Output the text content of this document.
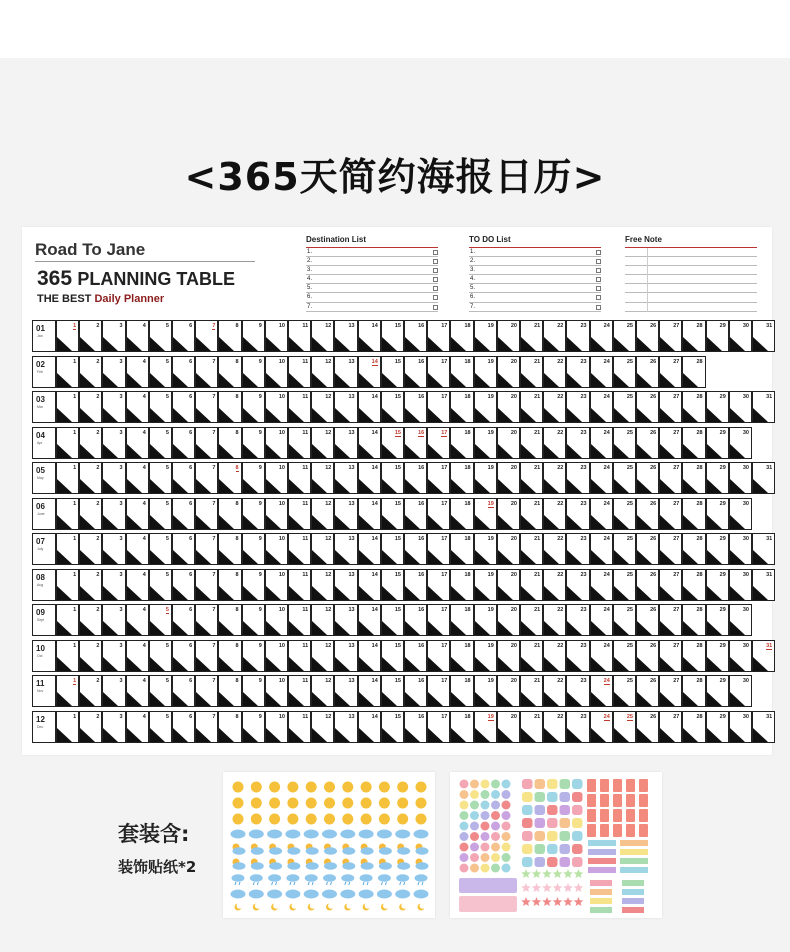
<365天简约海报日历>
Road To Jane
365 PLANNING TABLE
THE BEST Daily Planner
Destination List
1.
2.
3.
4.
5.
6.
7.
TO DO List
1.
2.
3.
4.
5.
6.
7.
Free Note
01
Jan
1	2	3	4	5	6	7	8	9	10	11	12	13	14	15	16	17	18	19	20	21	22	23	24	25	26	27	28	29	30	31
02
Feb
1	2	3	4	5	6	7	8	9	10	11	12	13	14	15	16	17	18	19	20	21	22	23	24	25	26	27	28
03
Mar
1	2	3	4	5	6	7	8	9	10	11	12	13	14	15	16	17	18	19	20	21	22	23	24	25	26	27	28	29	30	31
04
Apr
1	2	3	4	5	6	7	8	9	10	11	12	13	14	15	16	17	18	19	20	21	22	23	24	25	26	27	28	29	30
05
May
1	2	3	4	5	6	7	8	9	10	11	12	13	14	15	16	17	18	19	20	21	22	23	24	25	26	27	28	29	30	31
06
June
1	2	3	4	5	6	7	8	9	10	11	12	13	14	15	16	17	18	19	20	21	22	23	24	25	26	27	28	29	30
07
July
1	2	3	4	5	6	7	8	9	10	11	12	13	14	15	16	17	18	19	20	21	22	23	24	25	26	27	28	29	30	31
08
Aug
1	2	3	4	5	6	7	8	9	10	11	12	13	14	15	16	17	18	19	20	21	22	23	24	25	26	27	28	29	30	31
09
Sept
1	2	3	4	5	6	7	8	9	10	11	12	13	14	15	16	17	18	19	20	21	22	23	24	25	26	27	28	29	30
10
Oct
1	2	3	4	5	6	7	8	9	10	11	12	13	14	15	16	17	18	19	20	21	22	23	24	25	26	27	28	29	30	31
11
Nov
1	2	3	4	5	6	7	8	9	10	11	12	13	14	15	16	17	18	19	20	21	22	23	24	25	26	27	28	29	30
12
Dec
1	2	3	4	5	6	7	8	9	10	11	12	13	14	15	16	17	18	19	20	21	22	23	24	25	26	27	28	29	30	31
套装含:
装饰贴纸*2
